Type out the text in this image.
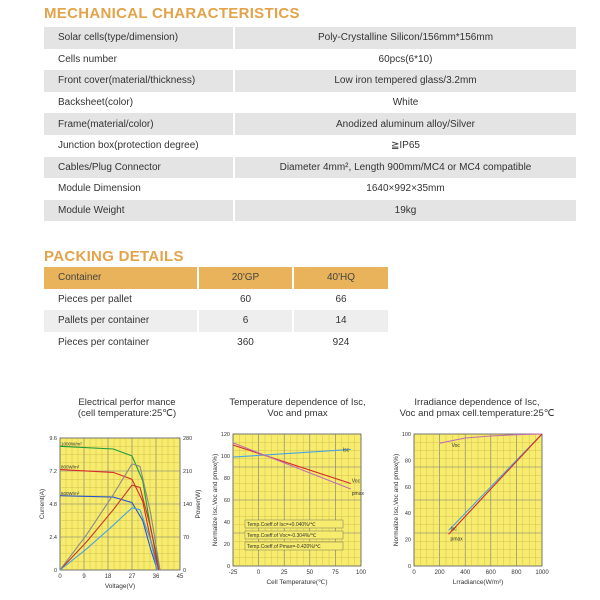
MECHANICAL CHARACTERISTICS
Solar cells(type/dimension)	Poly-Crystalline Silicon/156mm*156mm
Cells number	60pcs(6*10)
Front cover(material/thickness)	Low iron tempered glass/3.2mm
Backsheet(color)	White
Frame(material/color)	Anodized aluminum alloy/Silver
Junction box(protection degree)	≧IP65
Cables/Plug Connector	Diameter 4mm², Length 900mm/MC4 or MC4 compatible
Module Dimension	1640×992×35mm
Module Weight	19kg
PACKING DETAILS
Container	20'GP	40'HQ
Pieces per pallet	60	66
Pallets per container	6	14
Pieces per container	360	924
Electrical perfor mance
(cell temperature:25℃)
Temperature dependence of Isc,
Voc and pmax
Irradiance dependence of Isc,
Voc and pmax cell.temperature:25℃
0	9	18	27	36	45
0
2.4
4.8
7.2
9.6
0
70
140
210
280
Voltage(V)
Current(A)	Power(W)
1000W/m²
800W/m²
600W/m²
-25	0	25	50	75	100
0
20
40
60
80
100
120
Cell Temperature(℃)
Normalize Isc,Voc and pmax(%)
Isc
Voc
pmax
Temp.Coeff.of Isc=+0.040%/℃
Temp.Coeff.of Voc=-0.304%/℃
Temp.Coeff.of Pmax=-0.420%/℃
0	200	400	600	800 1000
0
20
40
60
80
100
Lrradiance(W/m²)
Normalize Isc,Voc and pmax(%)
Voc
Isc
pmax
